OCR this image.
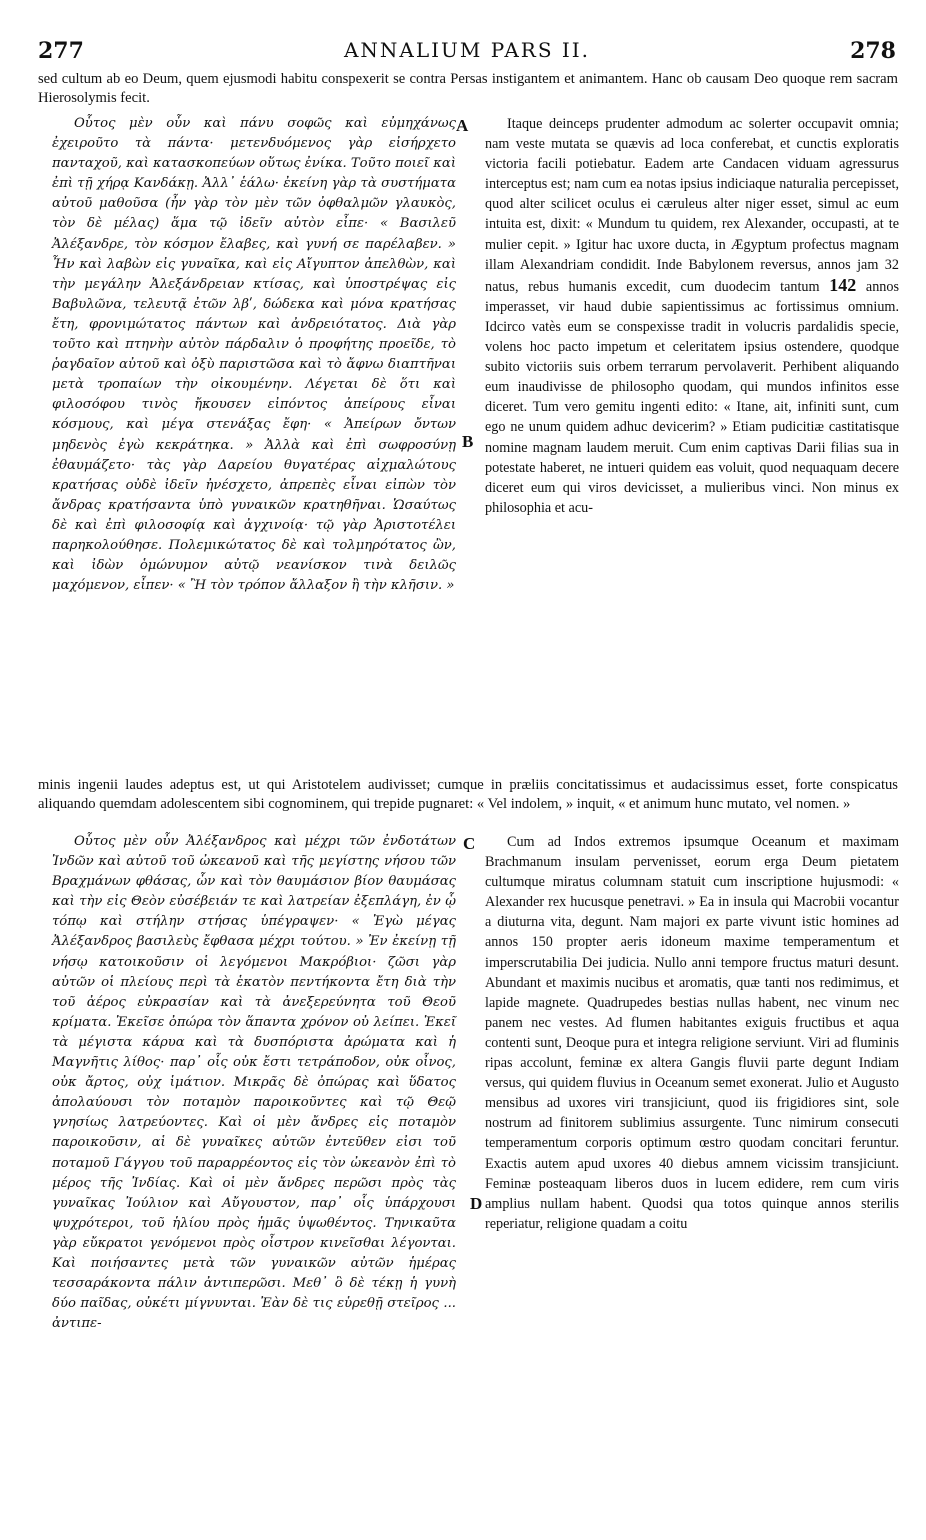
277	ANNALIUM PARS II.	278
sed cultum ab eo Deum, quem ejusmodi habitu conspexerit se contra Persas instigantem et animantem. Hanc ob causam Deo quoque rem sacram Hierosolymis fecit.
A
B

Οὗτος μὲν οὖν καὶ πάνυ σοφῶς καὶ εὐμηχάνως ἐχειροῦτο τὰ πάντα· μετενδυόμενος γὰρ εἰσήρχετο πανταχοῦ, καὶ κατασκοπεύων οὕτως ἐνίκα. Τοῦτο ποιεῖ καὶ ἐπὶ τῇ χήρᾳ Κανδάκῃ. Ἀλλ᾽ ἑάλω· ἐκείνη γὰρ τὰ συστήματα αὐτοῦ μαθοῦσα (ἦν γὰρ τὸν μὲν τῶν ὀφθαλμῶν γλαυκὸς, τὸν δὲ μέλας) ἅμα τῷ ἰδεῖν αὐτὸν εἶπε· « Βασιλεῦ Ἀλέξανδρε, τὸν κόσμον ἔλαβες, καὶ γυνή σε παρέλαβεν. » Ἦν καὶ λαβὼν εἰς γυναῖκα, καὶ εἰς Αἴγυπτον ἀπελθὼν, καὶ τὴν μεγάλην Ἀλεξάνδρειαν κτίσας, καὶ ὑποστρέψας εἰς Βαβυλῶνα, τελευτᾷ ἐτῶν λβʹ, δώδεκα καὶ μόνα κρατήσας ἔτη, φρονιμώτατος πάντων καὶ ἀνδρειότατος. Διὰ γὰρ τοῦτο καὶ πτηνὴν αὐτὸν πάρδαλιν ὁ προφήτης προεῖδε, τὸ ῥαγδαῖον αὐτοῦ καὶ ὀξὺ παριστῶσα καὶ τὸ ἄφνω διαπτῆναι μετὰ τροπαίων τὴν οἰκουμένην. Λέγεται δὲ ὅτι καὶ φιλοσόφου τινὸς ἤκουσεν εἰπόντος ἀπείρους εἶναι κόσμους, καὶ μέγα στενάξας ἔφη· « Ἀπείρων ὄντων μηδενὸς ἐγὼ κεκράτηκα. » Ἀλλὰ καὶ ἐπὶ σωφροσύνῃ ἐθαυμάζετο· τὰς γὰρ Δαρείου θυγατέρας αἰχμαλώτους κρατήσας οὐδὲ ἰδεῖν ἠνέσχετο, ἀπρεπὲς εἶναι εἰπὼν τὸν ἄνδρας κρατήσαντα ὑπὸ γυναικῶν κρατηθῆναι. Ὡσαύτως δὲ καὶ ἐπὶ φιλοσοφίᾳ καὶ ἀγχινοίᾳ· τῷ γὰρ Ἀριστοτέλει παρηκολούθησε. Πολεμικώτατος δὲ καὶ τολμηρότατος ὢν, καὶ ἰδὼν ὁμώνυμον αὐτῷ νεανίσκον τινὰ δειλῶς μαχόμενον, εἶπεν· « Ἢ τὸν τρόπον ἄλλαξον ἢ τὴν κλῆσιν. »

Itaque deinceps prudenter admodum ac solerter occupavit omnia; nam veste mutata se quævis ad loca conferebat, et cunctis exploratis victoria facili potiebatur. Eadem arte Candacen viduam agressurus interceptus est; nam cum ea notas ipsius indiciaque naturalia percepisset, quod alter scilicet oculus ei cæruleus alter niger esset, simul ac eum intuita est, dixit: « Mundum tu quidem, rex Alexander, occupasti, at te mulier cepit. » Igitur hac uxore ducta, in Ægyptum profectus magnam illam Alexandriam condidit. Inde Babylonem reversus, annos jam 32 natus, rebus humanis excedit, cum duodecim tantum 142 annos imperasset, vir haud dubie sapientissimus ac fortissimus omnium. Idcirco vatès eum se conspexisse tradit in volucris pardalidis specie, volens hoc pacto impetum et celeritatem ipsius ostendere, quodque subito victoriis suis orbem terrarum pervolaverit. Perhibent aliquando eum inaudivisse de philosopho quodam, qui mundos infinitos esse diceret. Tum vero gemitu ingenti edito: « Itane, ait, infiniti sunt, cum ego ne unum quidem adhuc devicerim? » Etiam pudicitiæ castitatisque nomine magnam laudem meruit. Cum enim captivas Darii filias sua in potestate haberet, ne intueri quidem eas voluit, quod nequaquam decere diceret eum qui viros devicisset, a mulieribus vinci. Non minus ex philosophia et acu-

minis ingenii laudes adeptus est, ut qui Aristotelem audivisset; cumque in præliis concitatissimus et audacissimus esset, forte conspicatus aliquandо quemdam adolescentem sibi cognominem, qui trepide pugnaret: « Vel indolem, » inquit, « et animum hunc mutato, vel nomen. »
C
D

Οὗτος μὲν οὖν Ἀλέξανδρος καὶ μέχρι τῶν ἐνδοτάτων Ἰνδῶν καὶ αὐτοῦ τοῦ ὠκεανοῦ καὶ τῆς μεγίστης νήσου τῶν Βραχμάνων φθάσας, ὧν καὶ τὸν θαυμάσιον βίον θαυμάσας καὶ τὴν εἰς Θεὸν εὐσέβειάν τε καὶ λατρείαν ἐξεπλάγη, ἐν ᾧ τόπῳ καὶ στήλην στήσας ὑπέγραψεν· « Ἐγὼ μέγας Ἀλέξανδρος βασιλεὺς ἔφθασα μέχρι τούτου. » Ἐν ἐκείνῃ τῇ νήσῳ κατοικοῦσιν οἱ λεγόμενοι Μακρόβιοι· ζῶσι γὰρ αὐτῶν οἱ πλείους περὶ τὰ ἑκατὸν πεντήκοντα ἔτη διὰ τὴν τοῦ ἀέρος εὐκρασίαν καὶ τὰ ἀνεξερεύνητα τοῦ Θεοῦ κρίματα. Ἐκεῖσε ὀπώρα τὸν ἅπαντα χρόνον οὐ λείπει. Ἐκεῖ τὰ μέγιστα κάρυα καὶ τὰ δυσπόριστα ἀρώματα καὶ ἡ Μαγνῆτις λίθος· παρ᾽ οἷς οὐκ ἔστι τετράποδον, οὐκ οἶνος, οὐκ ἄρτος, οὐχ ἱμάτιον. Μικρᾶς δὲ ὀπώρας καὶ ὕδατος ἀπολαύουσι τὸν ποταμὸν παροικοῦντες καὶ τῷ Θεῷ γνησίως λατρεύοντες. Καὶ οἱ μὲν ἄνδρες εἰς ποταμὸν παροικοῦσιν, αἱ δὲ γυναῖκες αὐτῶν ἐντεῦθεν εἰσι τοῦ ποταμοῦ Γάγγου τοῦ παραρρέοντος εἰς τὸν ὠκεανὸν ἐπὶ τὸ μέρος τῆς Ἰνδίας. Καὶ οἱ μὲν ἄνδρες περῶσι πρὸς τὰς γυναῖκας Ἰούλιον καὶ Αὔγουστον, παρ᾽ οἷς ὑπάρχουσι ψυχρότεροι, τοῦ ἡλίου πρὸς ἡμᾶς ὑψωθέντος. Τηνικαῦτα γὰρ εὔκρατοι γενόμενοι πρὸς οἶστρον κινεῖσθαι λέγονται. Καὶ ποιήσαντες μετὰ τῶν γυναικῶν αὐτῶν ἡμέρας τεσσαράκοντα πάλιν ἀντιπερῶσι. Μεθ᾽ ὃ δὲ τέκῃ ἡ γυνὴ δύο παῖδας, οὐκέτι μίγνυνται. Ἐὰν δὲ τις εὑρεθῇ στεῖρος ... ἀντιπε-

Cum ad Indos extremos ipsumque Oceanum et maximam Brachmanum insulam pervenisset, eorum erga Deum pietatem cultumque miratus columnam statuit cum inscriptione hujusmodi: « Alexander rex hucusque penetravi. » Ea in insula qui Macrobii vocantur a diuturna vita, degunt. Nam majori ex parte vivunt istic homines ad annos 150 propter aeris idoneum maxime temperamentum et imperscrutabilia Dei judicia. Nullo anni tempore fructus maturi desunt. Abundant et maximis nucibus et aromatis, quæ tanti nos redimimus, et lapide magnete. Quadrupedes bestias nullas habent, nec vinum nec panem nec vestes. Ad flumen habitantes exiguis fructibus et aqua contenti sunt, Deoque pura et integra religione serviunt. Viri ad fluminis ripas accolunt, feminæ ex altera Gangis fluvii parte degunt Indiam versus, qui quidem fluvius in Oceanum semet exonerat. Julio et Augusto mensibus ad uxores viri transjiciunt, quod iis frigidiores sint, sole nostrum ad finitorem sublimius assurgente. Tunc nimirum consecuti temperamentum corporis optimum œstro quodam concitari feruntur. Exactis autem apud uxores 40 diebus amnem vicissim transjiciunt. Feminæ posteaquam liberos duos in lucem edidere, rem cum viris amplius nullam habent. Quodsi qua totos quinque annos sterilis reperiatur, religione quadam a coitu
